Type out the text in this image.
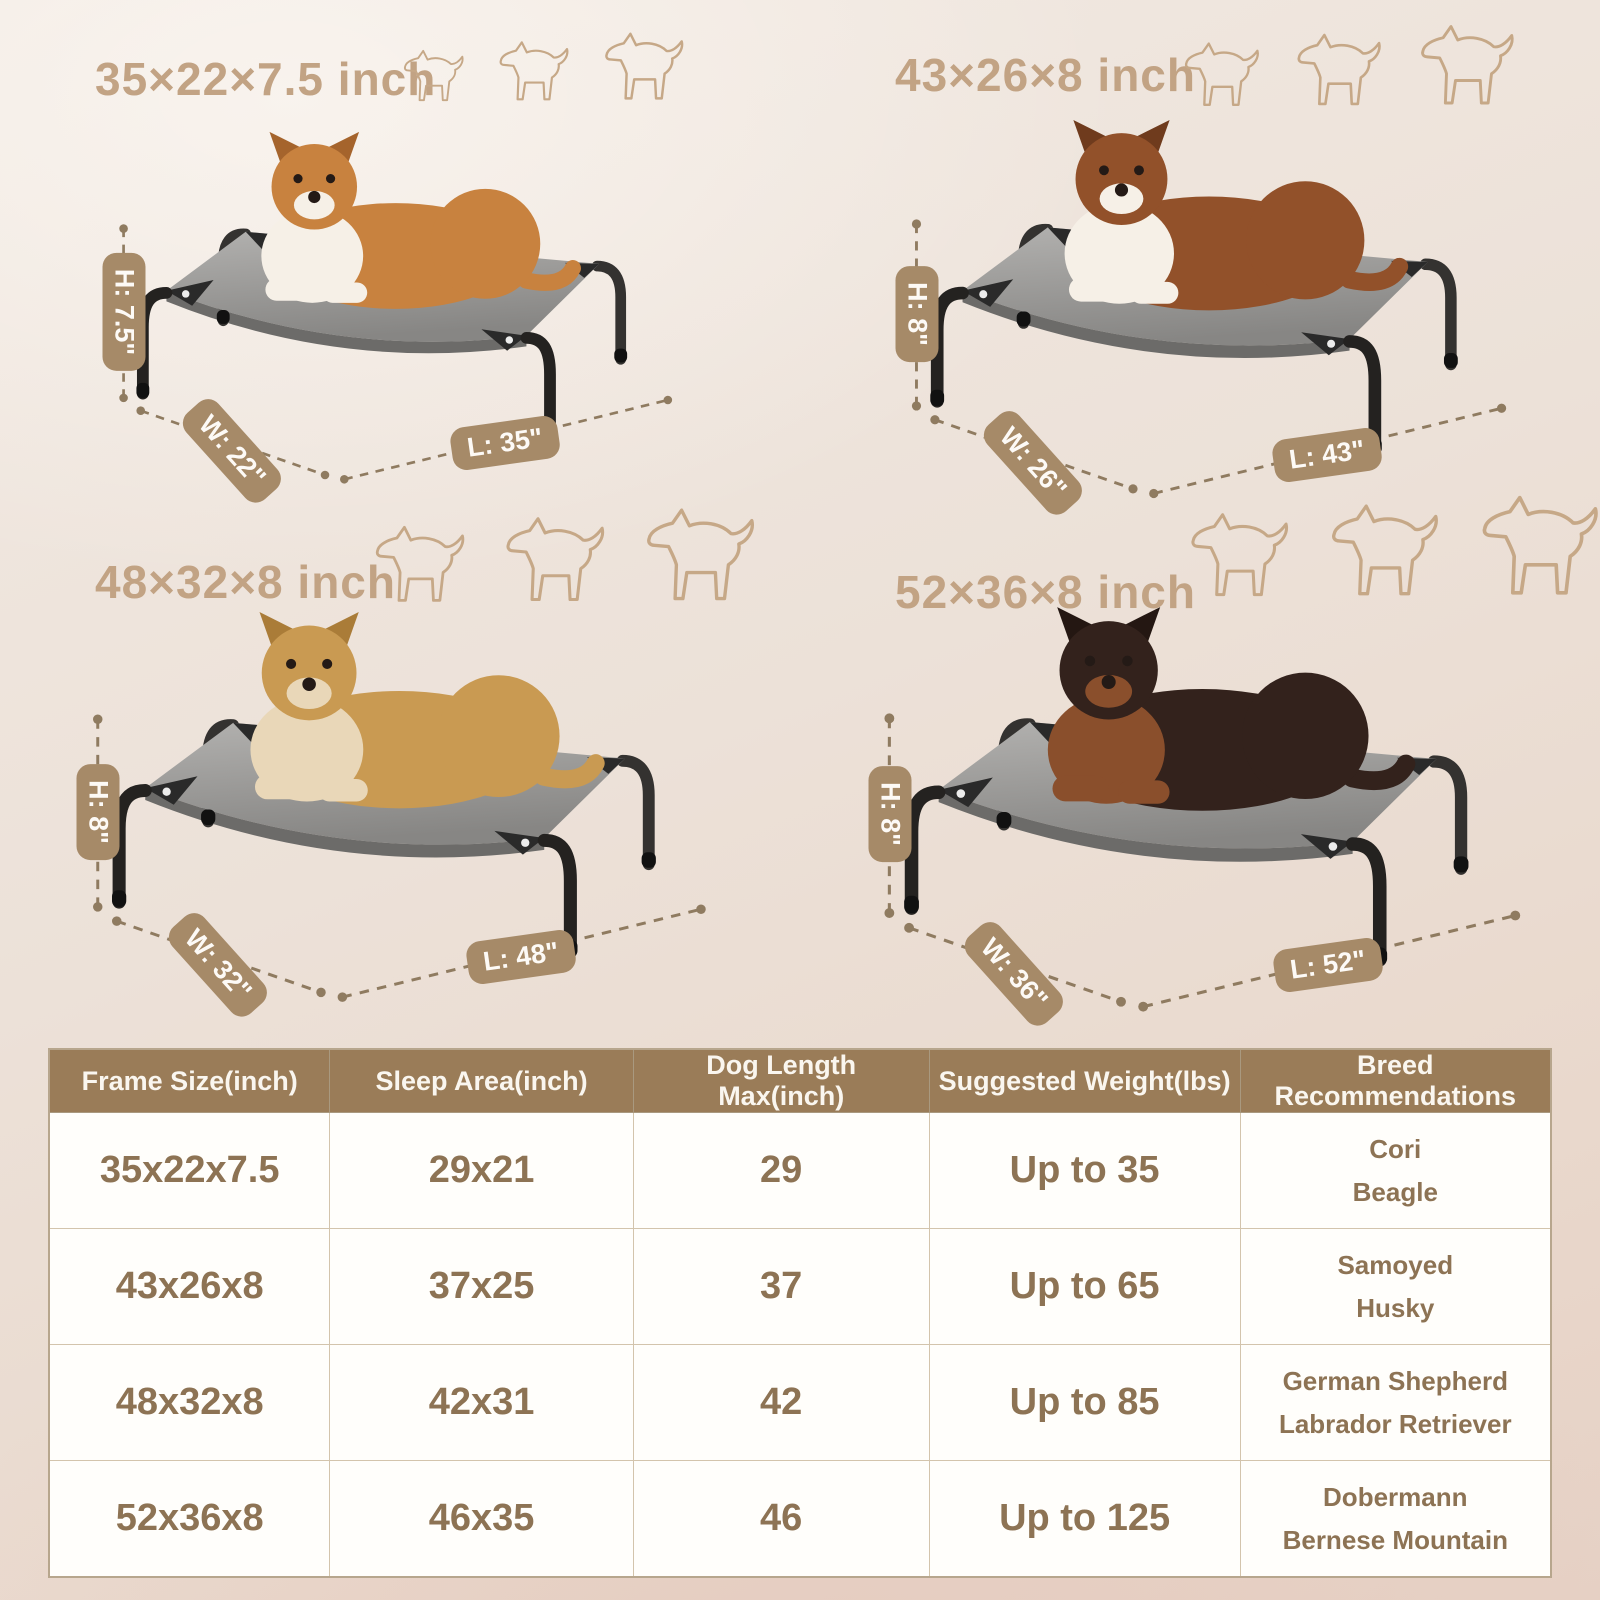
35×22×7.5 inch
H: 7.5"
W: 22"	L: 35"
43×26×8 inch
H: 8"
W: 26"	L: 43"
48×32×8 inch
H: 8"
W: 32"	L: 48"
52×36×8 inch
H: 8"
W: 36"	L: 52"
Frame Size(inch)	Sleep Area(inch)	Dog Length Max(inch)	Suggested Weight(lbs)	Breed Recommendations
35x22x7.5	29x21	29	Up to 35	Cori
Beagle

43x26x8	37x25	37	Up to 65	Samoyed
Husky

48x32x8	42x31	42	Up to 85	German Shepherd
Labrador Retriever

52x36x8	46x35	46	Up to 125	Dobermann
Bernese Mountain
